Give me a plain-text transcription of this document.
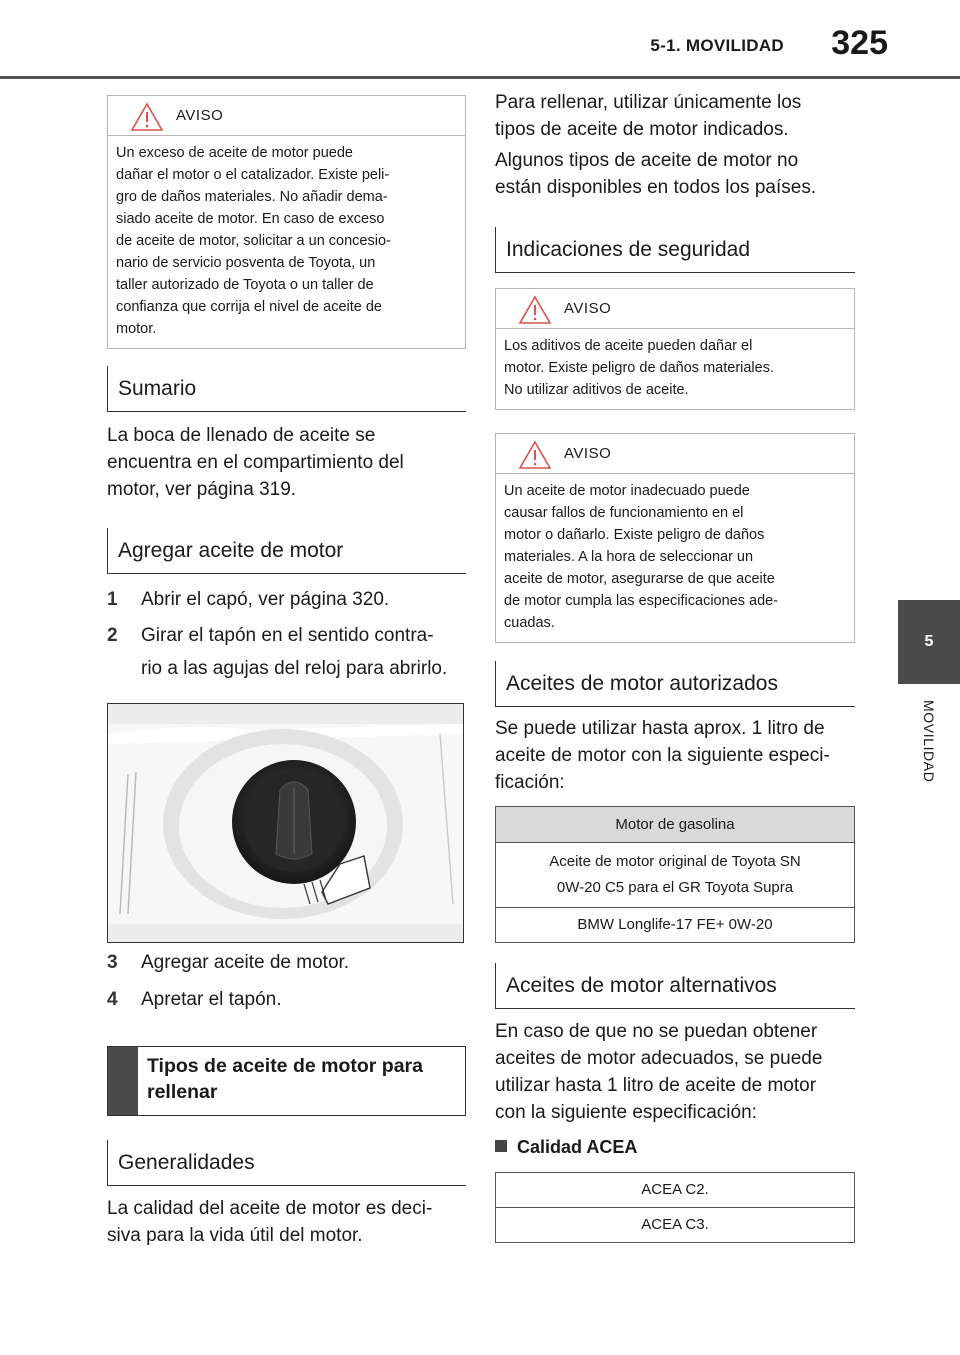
5-1. MOVILIDAD 325
5
MOVILIDAD
AVISO
Un exceso de aceite de motor puede
dañar el motor o el catalizador. Existe peli-
gro de daños materiales. No añadir dema-
siado aceite de motor. En caso de exceso
de aceite de motor, solicitar a un concesio-
nario de servicio posventa de Toyota, un
taller autorizado de Toyota o un taller de
confianza que corrija el nivel de aceite de
motor.
Sumario
La boca de llenado de aceite se
encuentra en el compartimiento del
motor, ver página 319.
Agregar aceite de motor
1 Abrir el capó, ver página 320.
2 Girar el tapón en el sentido contra-
rio a las agujas del reloj para abrirlo.
3 Agregar aceite de motor.
4 Apretar el tapón.
Tipos de aceite de motor para
rellenar
Generalidades
La calidad del aceite de motor es deci-
siva para la vida útil del motor.
Para rellenar, utilizar únicamente los
tipos de aceite de motor indicados.
Algunos tipos de aceite de motor no
están disponibles en todos los países.
Indicaciones de seguridad
AVISO
Los aditivos de aceite pueden dañar el
motor. Existe peligro de daños materiales.
No utilizar aditivos de aceite.
AVISO
Un aceite de motor inadecuado puede
causar fallos de funcionamiento en el
motor o dañarlo. Existe peligro de daños
materiales. A la hora de seleccionar un
aceite de motor, asegurarse de que aceite
de motor cumpla las especificaciones ade-
cuadas.
Aceites de motor autorizados
Se puede utilizar hasta aprox. 1 litro de
aceite de motor con la siguiente especi-
ficación:
Motor de gasolina
Aceite de motor original de Toyota SN
0W-20 C5 para el GR Toyota Supra
BMW Longlife-17 FE+ 0W-20
Aceites de motor alternativos
En caso de que no se puedan obtener
aceites de motor adecuados, se puede
utilizar hasta 1 litro de aceite de motor
con la siguiente especificación:
Calidad ACEA
ACEA C2.
ACEA C3.
